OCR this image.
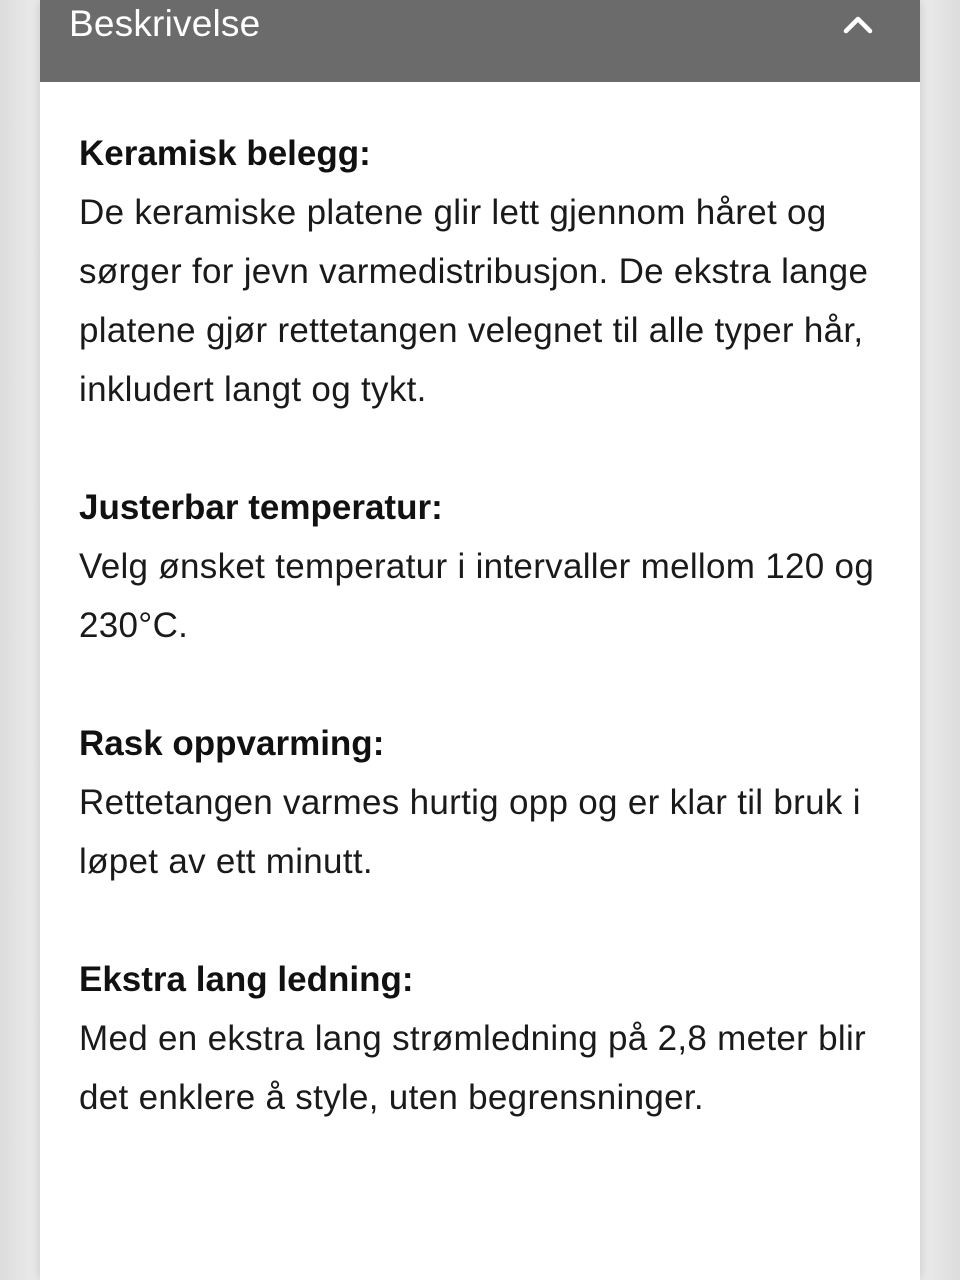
Beskrivelse
Keramisk belegg:
De keramiske platene glir lett gjennom håret og sørger for jevn varmedistribusjon. De ekstra lange platene gjør rettetangen velegnet til alle typer hår, inkludert langt og tykt.
Justerbar temperatur:
Velg ønsket temperatur i intervaller mellom 120 og 230°C.
Rask oppvarming:
Rettetangen varmes hurtig opp og er klar til bruk i løpet av ett minutt.
Ekstra lang ledning:
Med en ekstra lang strømledning på 2,8 meter blir det enklere å style, uten begrensninger.
